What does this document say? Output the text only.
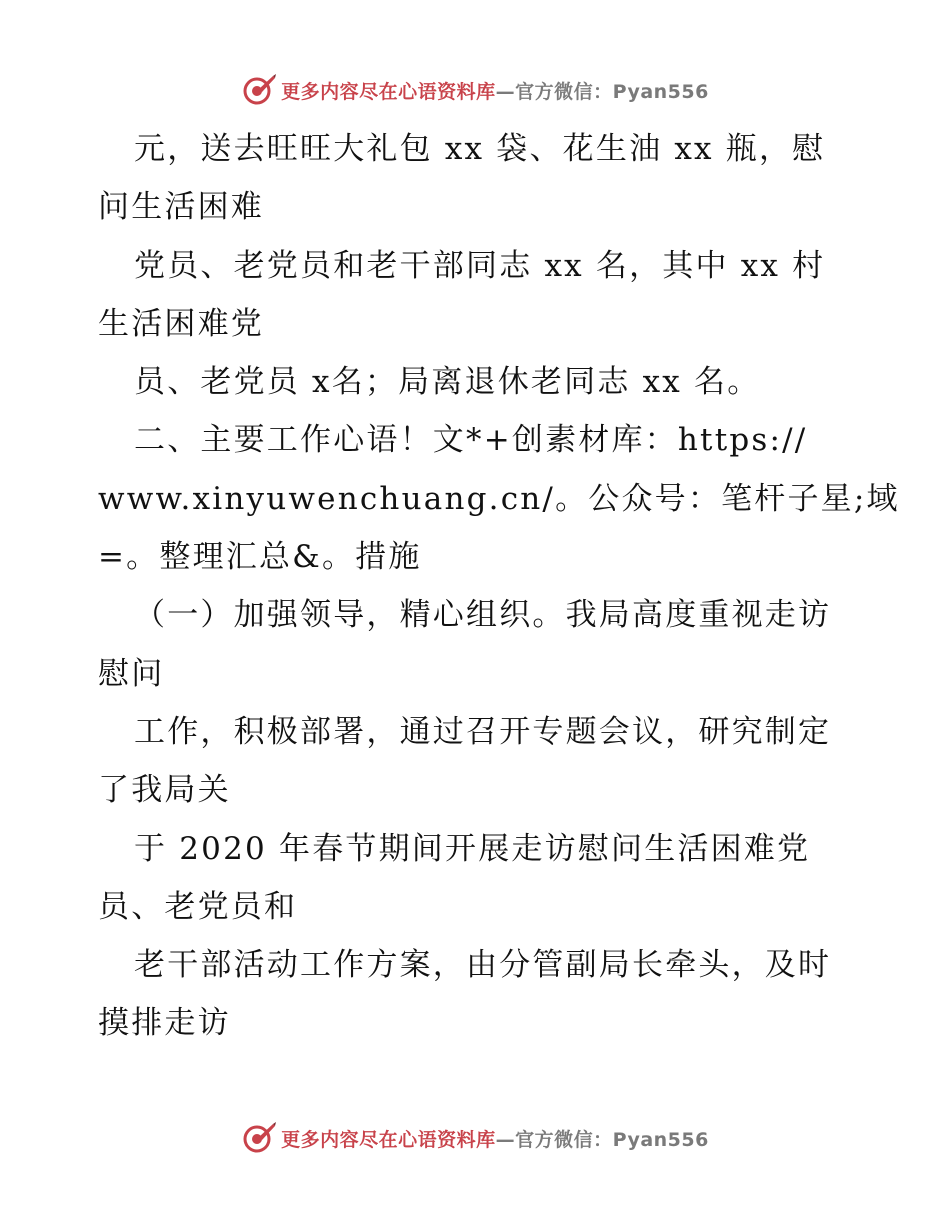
更多内容尽在心语资料库 —官方微信：Pyan556
元，送去旺旺大礼包 xx 袋、花生油 xx 瓶，慰
问生活困难
党员、老党员和老干部同志 xx 名，其中 xx 村
生活困难党
员、老党员 x名；局离退休老同志 xx 名。
二、主要工作心语！文*+创素材库：https://
www.xinyuwenchuang.cn/。公众号：笔杆子星;域
=。整理汇总&。措施
（一）加强领导，精心组织。我局高度重视走访
慰问
工作，积极部署，通过召开专题会议，研究制定
了我局关
于 2020 年春节期间开展走访慰问生活困难党
员、老党员和
老干部活动工作方案，由分管副局长牵头，及时
摸排走访
更多内容尽在心语资料库 —官方微信：Pyan556
